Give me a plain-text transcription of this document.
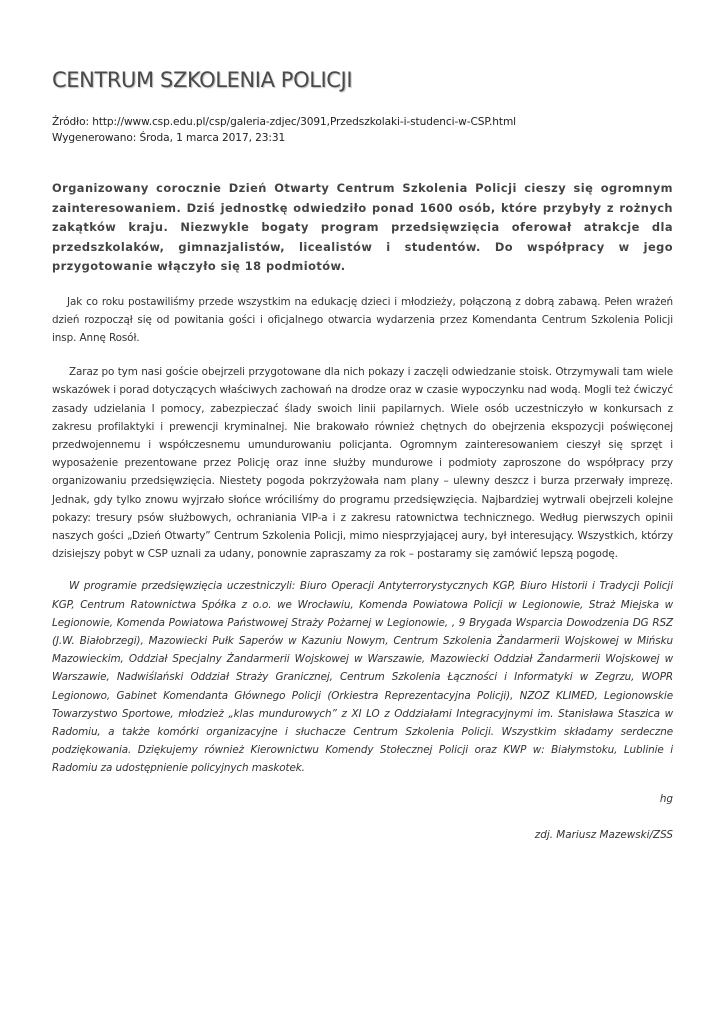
CENTRUM SZKOLENIA POLICJI
Źródło: http://www.csp.edu.pl/csp/galeria-zdjec/3091,Przedszkolaki-i-studenci-w-CSP.html
Wygenerowano: Środa, 1 marca 2017, 23:31
Organizowany corocznie Dzień Otwarty Centrum Szkolenia Policji cieszy się ogromnym zainteresowaniem. Dziś jednostkę odwiedziło ponad 1600 osób, które przybyły z rożnych zakątków kraju. Niezwykle bogaty program przedsięwzięcia oferował atrakcje dla przedszkolaków, gimnazjalistów, licealistów i studentów. Do współpracy w jego przygotowanie włączyło się 18 podmiotów.
Jak co roku postawiliśmy przede wszystkim na edukację dzieci i młodzieży, połączoną z dobrą zabawą. Pełen wrażeń dzień rozpoczął się od powitania gości i oficjalnego otwarcia wydarzenia przez Komendanta Centrum Szkolenia Policji insp. Annę Rosół.
Zaraz po tym nasi goście obejrzeli przygotowane dla nich pokazy i zaczęli odwiedzanie stoisk. Otrzymywali tam wiele wskazówek i porad dotyczących właściwych zachowań na drodze oraz w czasie wypoczynku nad wodą. Mogli też ćwiczyć zasady udzielania I pomocy, zabezpieczać ślady swoich linii papilarnych. Wiele osób uczestniczyło w konkursach z zakresu profilaktyki i prewencji kryminalnej. Nie brakowało również chętnych do obejrzenia ekspozycji poświęconej przedwojennemu i współczesnemu umundurowaniu policjanta. Ogromnym zainteresowaniem cieszył się sprzęt i wyposażenie prezentowane przez Policję oraz inne służby mundurowe i podmioty zaproszone do współpracy przy organizowaniu przedsięwzięcia. Niestety pogoda pokrzyżowała nam plany – ulewny deszcz i burza przerwały imprezę. Jednak, gdy tylko znowu wyjrzało słońce wróciliśmy do programu przedsięwzięcia. Najbardziej wytrwali obejrzeli kolejne pokazy: tresury psów służbowych, ochraniania VIP-a i z zakresu ratownictwa technicznego. Według pierwszych opinii naszych gości „Dzień Otwarty” Centrum Szkolenia Policji, mimo niesprzyjającej aury, był interesujący. Wszystkich, którzy dzisiejszy pobyt w CSP uznali za udany, ponownie zapraszamy za rok – postaramy się zamówić lepszą pogodę.
W programie przedsięwzięcia uczestniczyli: Biuro Operacji Antyterrorystycznych KGP, Biuro Historii i Tradycji Policji KGP, Centrum Ratownictwa Spółka z o.o. we Wrocławiu, Komenda Powiatowa Policji w Legionowie, Straż Miejska w Legionowie, Komenda Powiatowa Państwowej Straży Pożarnej w Legionowie, , 9 Brygada Wsparcia Dowodzenia DG RSZ (J.W. Białobrzegi), Mazowiecki Pułk Saperów w Kazuniu Nowym, Centrum Szkolenia Żandarmerii Wojskowej w Mińsku Mazowieckim, Oddział Specjalny Żandarmerii Wojskowej w Warszawie, Mazowiecki Oddział Żandarmerii Wojskowej w Warszawie, Nadwiślański Oddział Straży Granicznej, Centrum Szkolenia Łączności i Informatyki w Zegrzu, WOPR Legionowo, Gabinet Komendanta Głównego Policji (Orkiestra Reprezentacyjna Policji), NZOZ KLIMED, Legionowskie Towarzystwo Sportowe, młodzież „klas mundurowych” z XI LO z Oddziałami Integracyjnymi im. Stanisława Staszica w Radomiu, a także komórki organizacyjne i słuchacze Centrum Szkolenia Policji. Wszystkim składamy serdeczne podziękowania. Dziękujemy również Kierownictwu Komendy Stołecznej Policji oraz KWP w: Białymstoku, Lublinie i Radomiu za udostępnienie policyjnych maskotek.
hg
zdj. Mariusz Mazewski/ZSS
